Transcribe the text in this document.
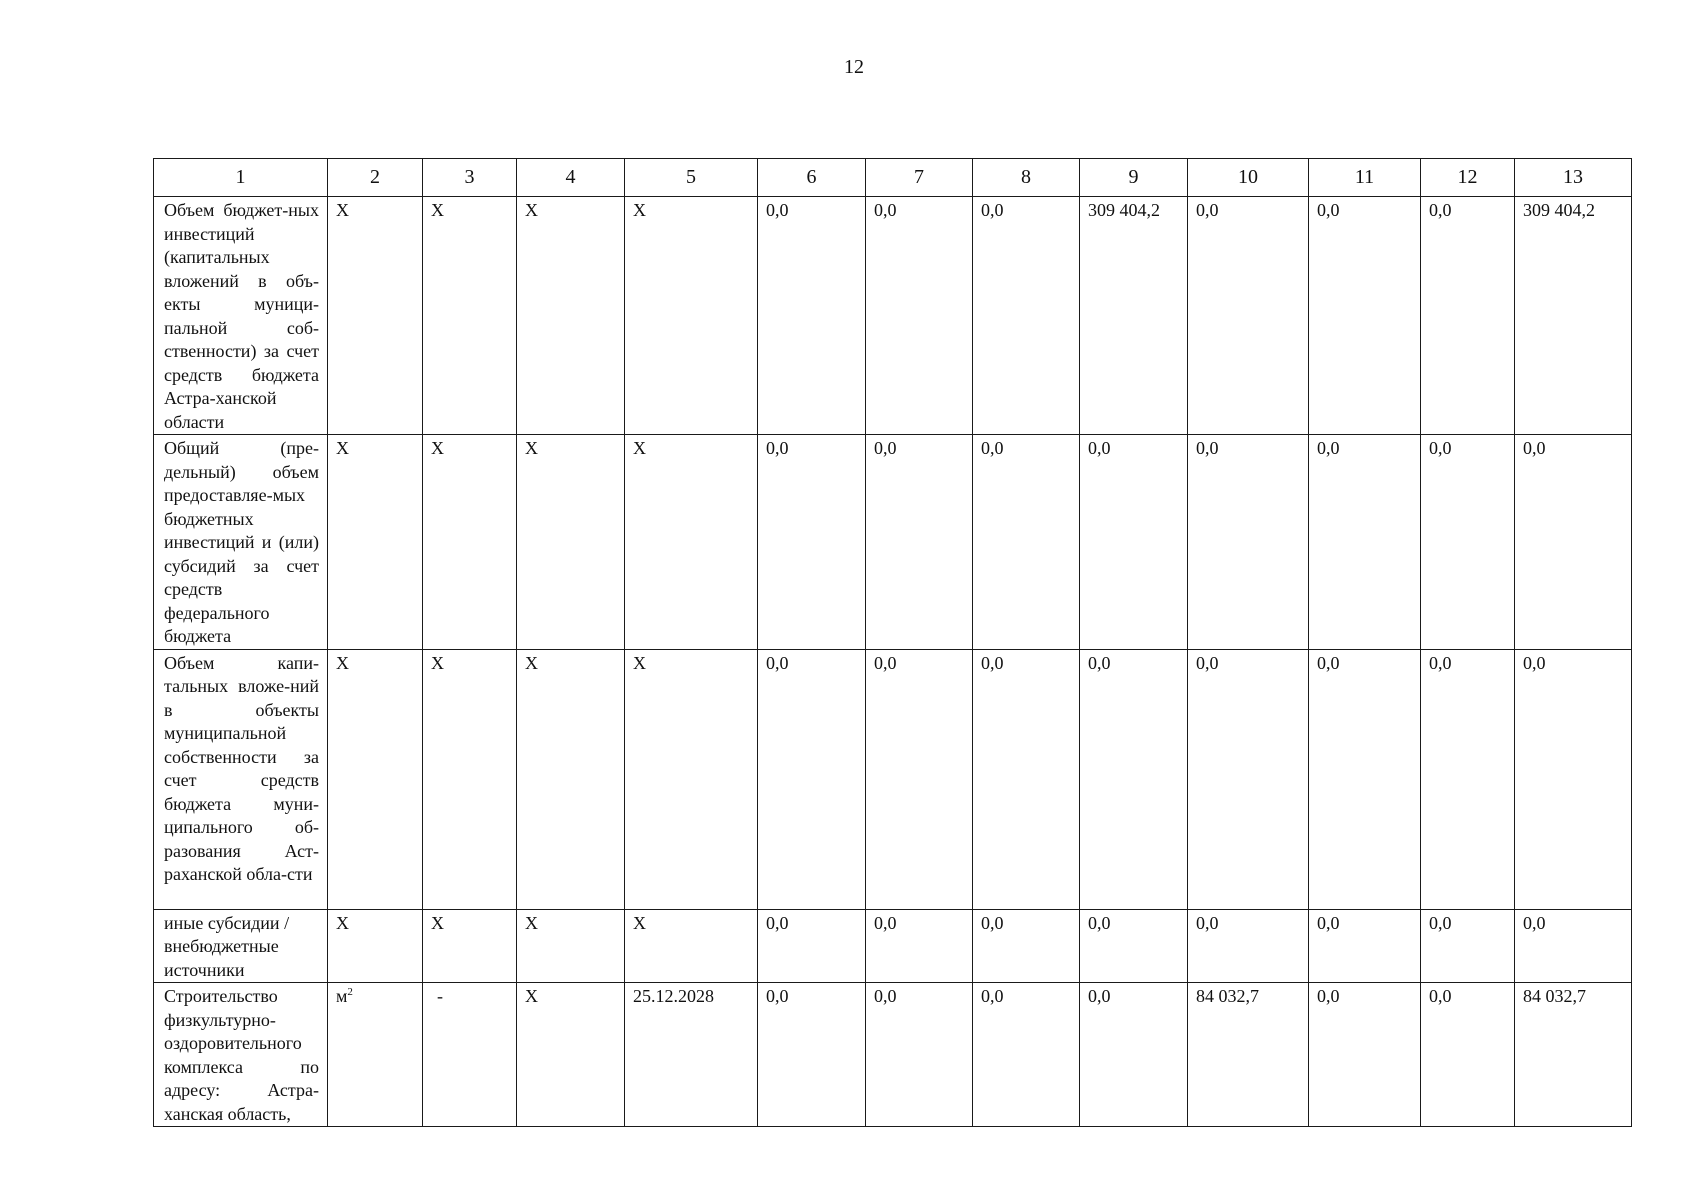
12
1	2	3	4	5	6	7	8	9	10	11	12	13
Объем бюджет-ных инвестиций (капитальных вложений в объ-екты муници-пальной соб-ственности) за счет средств бюджета Астра-ханской области	X	X	X	X	0,0	0,0	0,0	309 404,2	0,0	0,0	0,0	309 404,2
Общий (пре-дельный) объем предоставляе-мых бюджетных инвестиций и (или) субсидий за счет средств федерального бюджета	X	X	X	X	0,0	0,0	0,0	0,0	0,0	0,0	0,0	0,0
Объем капи-тальных вложе-ний в объекты муниципальной собственности за счет средств бюджета муни-ципального об-разования Аст-раханской обла-сти	X	X	X	X	0,0	0,0	0,0	0,0	0,0	0,0	0,0	0,0
иные субсидии / внебюджетные источники	X	X	X	X	0,0	0,0	0,0	0,0	0,0	0,0	0,0	0,0
Строительство физкультурно-оздоровительного комплекса по адресу: Астра-ханская область,	$м^2$	-	X	25.12.2028	0,0	0,0	0,0	0,0	84 032,7	0,0	0,0	84 032,7
